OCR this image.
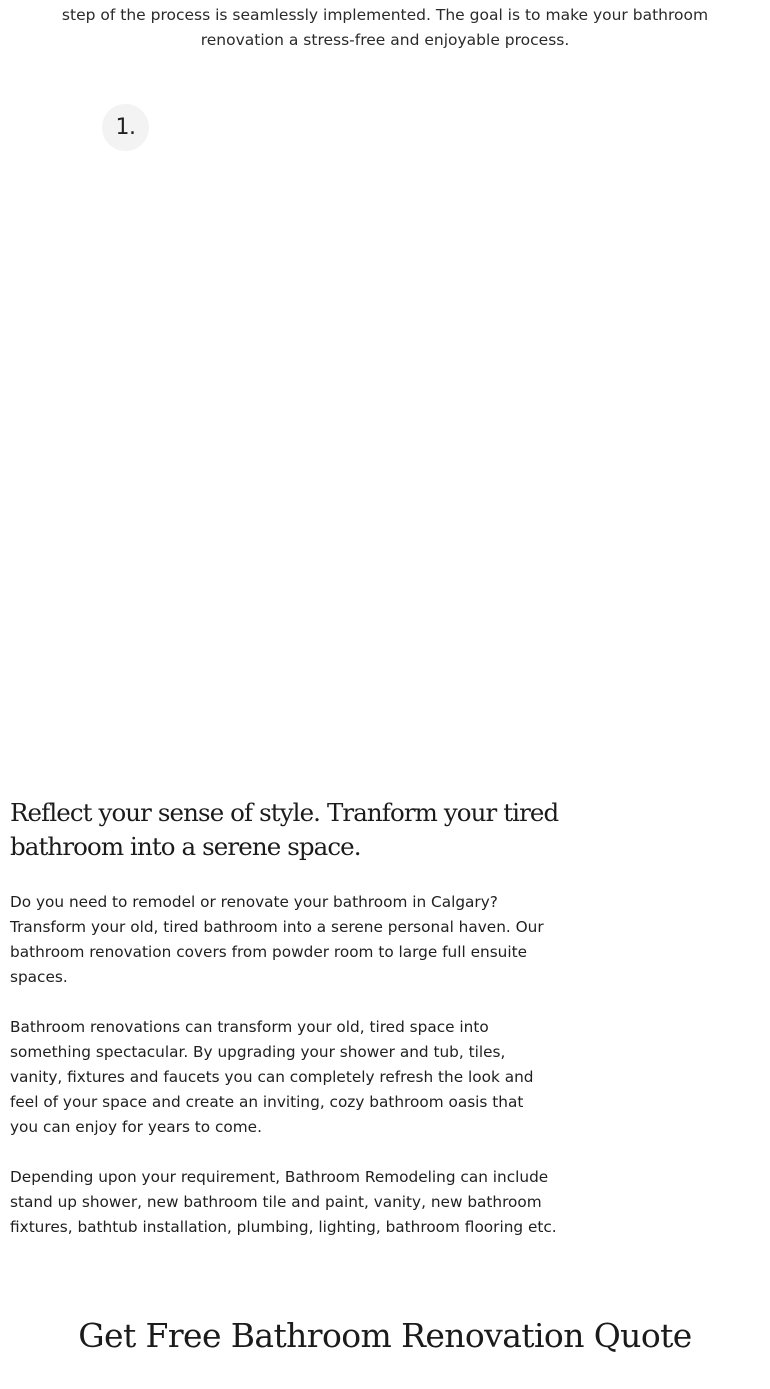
step of the process is seamlessly implemented. The goal is to make your bathroom
renovation a stress-free and enjoyable process.

1.
Reflect your sense of style. Tranform your tired
bathroom into a serene space.

Do you need to remodel or renovate your bathroom in Calgary?
Transform your old, tired bathroom into a serene personal haven. Our
bathroom renovation covers from powder room to large full ensuite
spaces.

Bathroom renovations can transform your old, tired space into
something spectacular. By upgrading your shower and tub, tiles,
vanity, fixtures and faucets you can completely refresh the look and
feel of your space and create an inviting, cozy bathroom oasis that
you can enjoy for years to come.

Depending upon your requirement, Bathroom Remodeling can include
stand up shower, new bathroom tile and paint, vanity, new bathroom
fixtures, bathtub installation, plumbing, lighting, bathroom flooring etc.

Get Free Bathroom Renovation Quote
